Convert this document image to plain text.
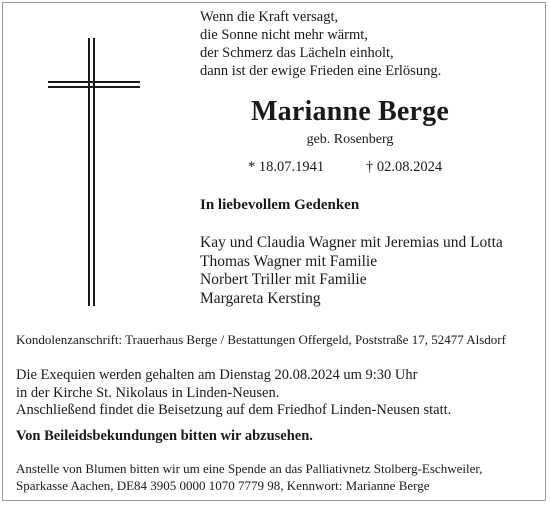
Wenn die Kraft versagt,
die Sonne nicht mehr wärmt,
der Schmerz das Lächeln einholt,
dann ist der ewige Frieden eine Erlösung.
Marianne Berge
geb. Rosenberg
* 18.07.1941	† 02.08.2024
In liebevollem Gedenken
Kay und Claudia Wagner mit Jeremias und Lotta
Thomas Wagner mit Familie
Norbert Triller mit Familie
Margareta Kersting
Kondolenzanschrift: Trauerhaus Berge / Bestattungen Offergeld, Poststraße 17, 52477 Alsdorf
Die Exequien werden gehalten am Dienstag 20.08.2024 um 9:30 Uhr
in der Kirche St. Nikolaus in Linden-Neusen.
Anschließend findet die Beisetzung auf dem Friedhof Linden-Neusen statt.
Von Beileidsbekundungen bitten wir abzusehen.
Anstelle von Blumen bitten wir um eine Spende an das Palliativnetz Stolberg-Eschweiler,
Sparkasse Aachen, DE84 3905 0000 1070 7779 98, Kennwort: Marianne Berge
